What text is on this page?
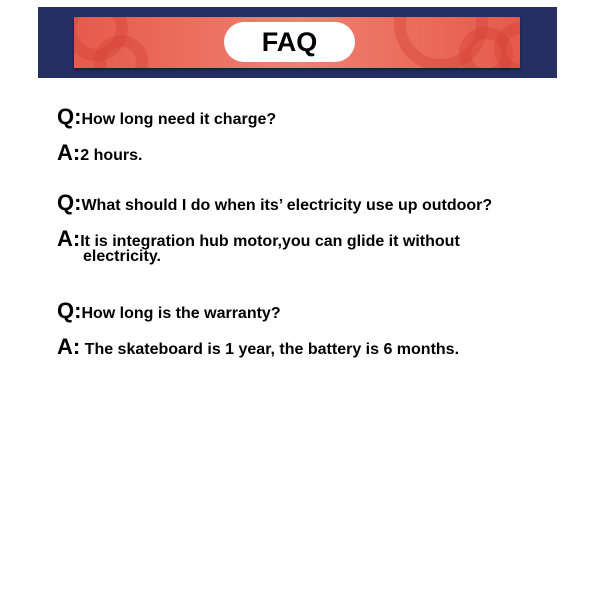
FAQ
Q:How long need it charge?
A:2 hours.
Q:What should I do when its’ electricity use up outdoor?
A:It is integration hub motor,you can glide it without
electricity.
Q:How long is the warranty?
A: The skateboard is 1 year, the battery is 6 months.
